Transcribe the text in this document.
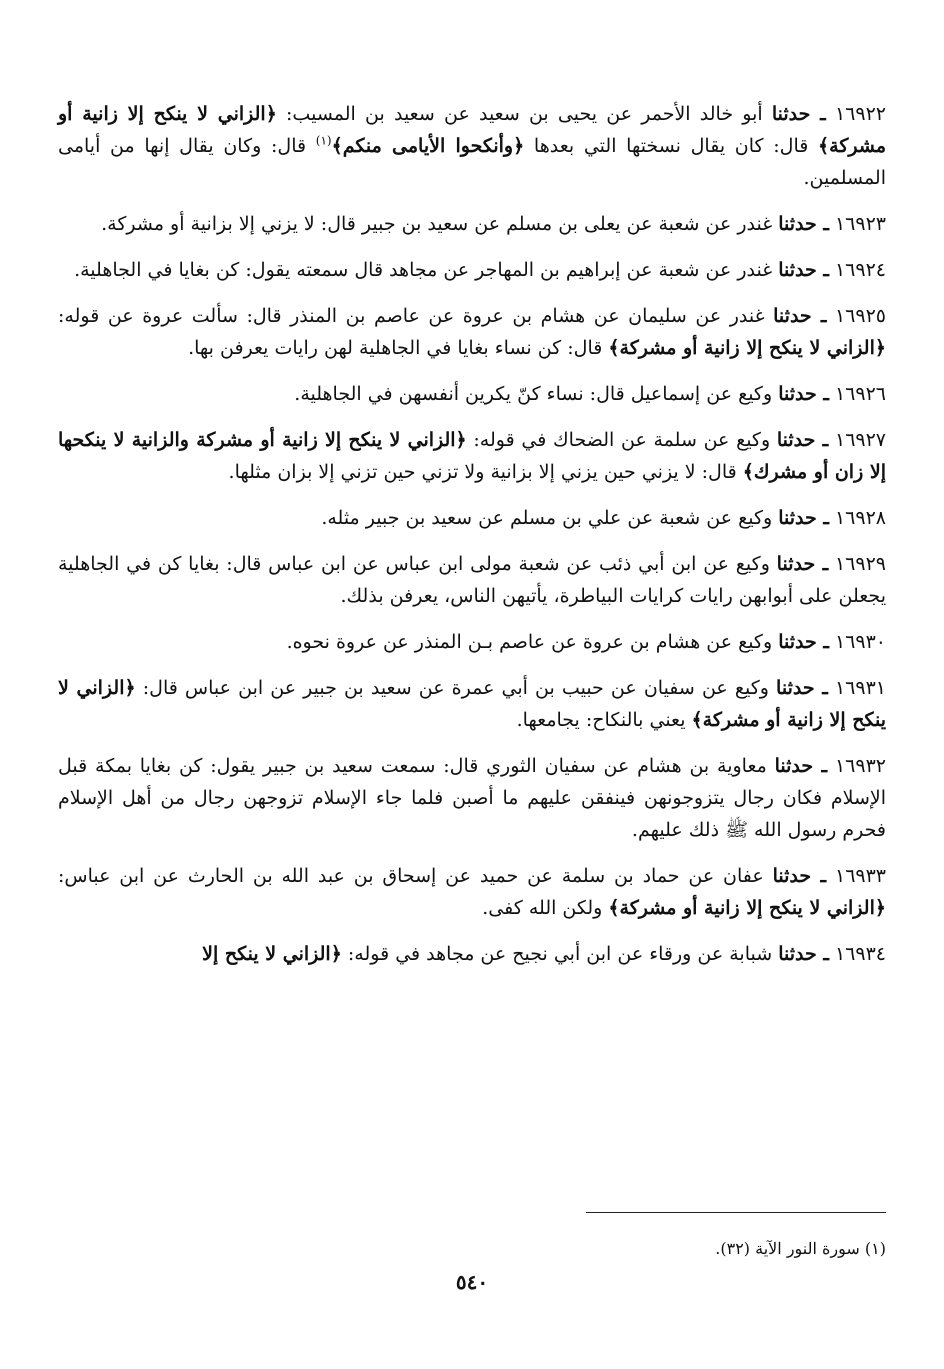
١٦٩٢٢ ـ حدثنا أبو خالد الأحمر عن يحيى بن سعيد عن سعيد بن المسيب: ﴿الزاني لا ينكح إلا زانية أو مشركة﴾ قال: كان يقال نسختها التي بعدها ﴿وأنكحوا الأيامى منكم﴾$^{(١)}$ قال: وكان يقال إنها من أيامى المسلمين.

١٦٩٢٣ ـ حدثنا غندر عن شعبة عن يعلى بن مسلم عن سعيد بن جبير قال: لا يزني إلا بزانية أو مشركة.

١٦٩٢٤ ـ حدثنا غندر عن شعبة عن إبراهيم بن المهاجر عن مجاهد قال سمعته يقول: كن بغايا في الجاهلية.

١٦٩٢٥ ـ حدثنا غندر عن سليمان عن هشام بن عروة عن عاصم بن المنذر قال: سألت عروة عن قوله: ﴿الزاني لا ينكح إلا زانية أو مشركة﴾ قال: كن نساء بغايا في الجاهلية لهن رايات يعرفن بها.

١٦٩٢٦ ـ حدثنا وكيع عن إسماعيل قال: نساء كنّ يكرين أنفسهن في الجاهلية.

١٦٩٢٧ ـ حدثنا وكيع عن سلمة عن الضحاك في قوله: ﴿الزاني لا ينكح إلا زانية أو مشركة والزانية لا ينكحها إلا زان أو مشرك﴾ قال: لا يزني حين يزني إلا بزانية ولا تزني حين تزني إلا بزان مثلها.

١٦٩٢٨ ـ حدثنا وكيع عن شعبة عن علي بن مسلم عن سعيد بن جبير مثله.

١٦٩٢٩ ـ حدثنا وكيع عن ابن أبي ذئب عن شعبة مولى ابن عباس عن ابن عباس قال: بغايا كن في الجاهلية يجعلن على أبوابهن رايات كرايات البياطرة، يأتيهن الناس، يعرفن بذلك.

١٦٩٣٠ ـ حدثنا وكيع عن هشام بن عروة عن عاصم بـن المنذر عن عروة نحوه.

١٦٩٣١ ـ حدثنا وكيع عن سفيان عن حبيب بن أبي عمرة عن سعيد بن جبير عن ابن عباس قال: ﴿الزاني لا ينكح إلا زانية أو مشركة﴾ يعني بالنكاح: يجامعها.

١٦٩٣٢ ـ حدثنا معاوية بن هشام عن سفيان الثوري قال: سمعت سعيد بن جبير يقول: كن بغايا بمكة قبل الإسلام فكان رجال يتزوجونهن فينفقن عليهم ما أصبن فلما جاء الإسلام تزوجهن رجال من أهل الإسلام فحرم رسول الله ﷺ ذلك عليهم.

١٦٩٣٣ ـ حدثنا عفان عن حماد بن سلمة عن حميد عن إسحاق بن عبد الله بن الحارث عن ابن عباس: ﴿الزاني لا ينكح إلا زانية أو مشركة﴾ ولكن الله كفى.

١٦٩٣٤ ـ حدثنا شبابة عن ورقاء عن ابن أبي نجيح عن مجاهد في قوله: ﴿الزاني لا ينكح إلا

(١) سورة النور الآية (٣٢).
٥٤٠
